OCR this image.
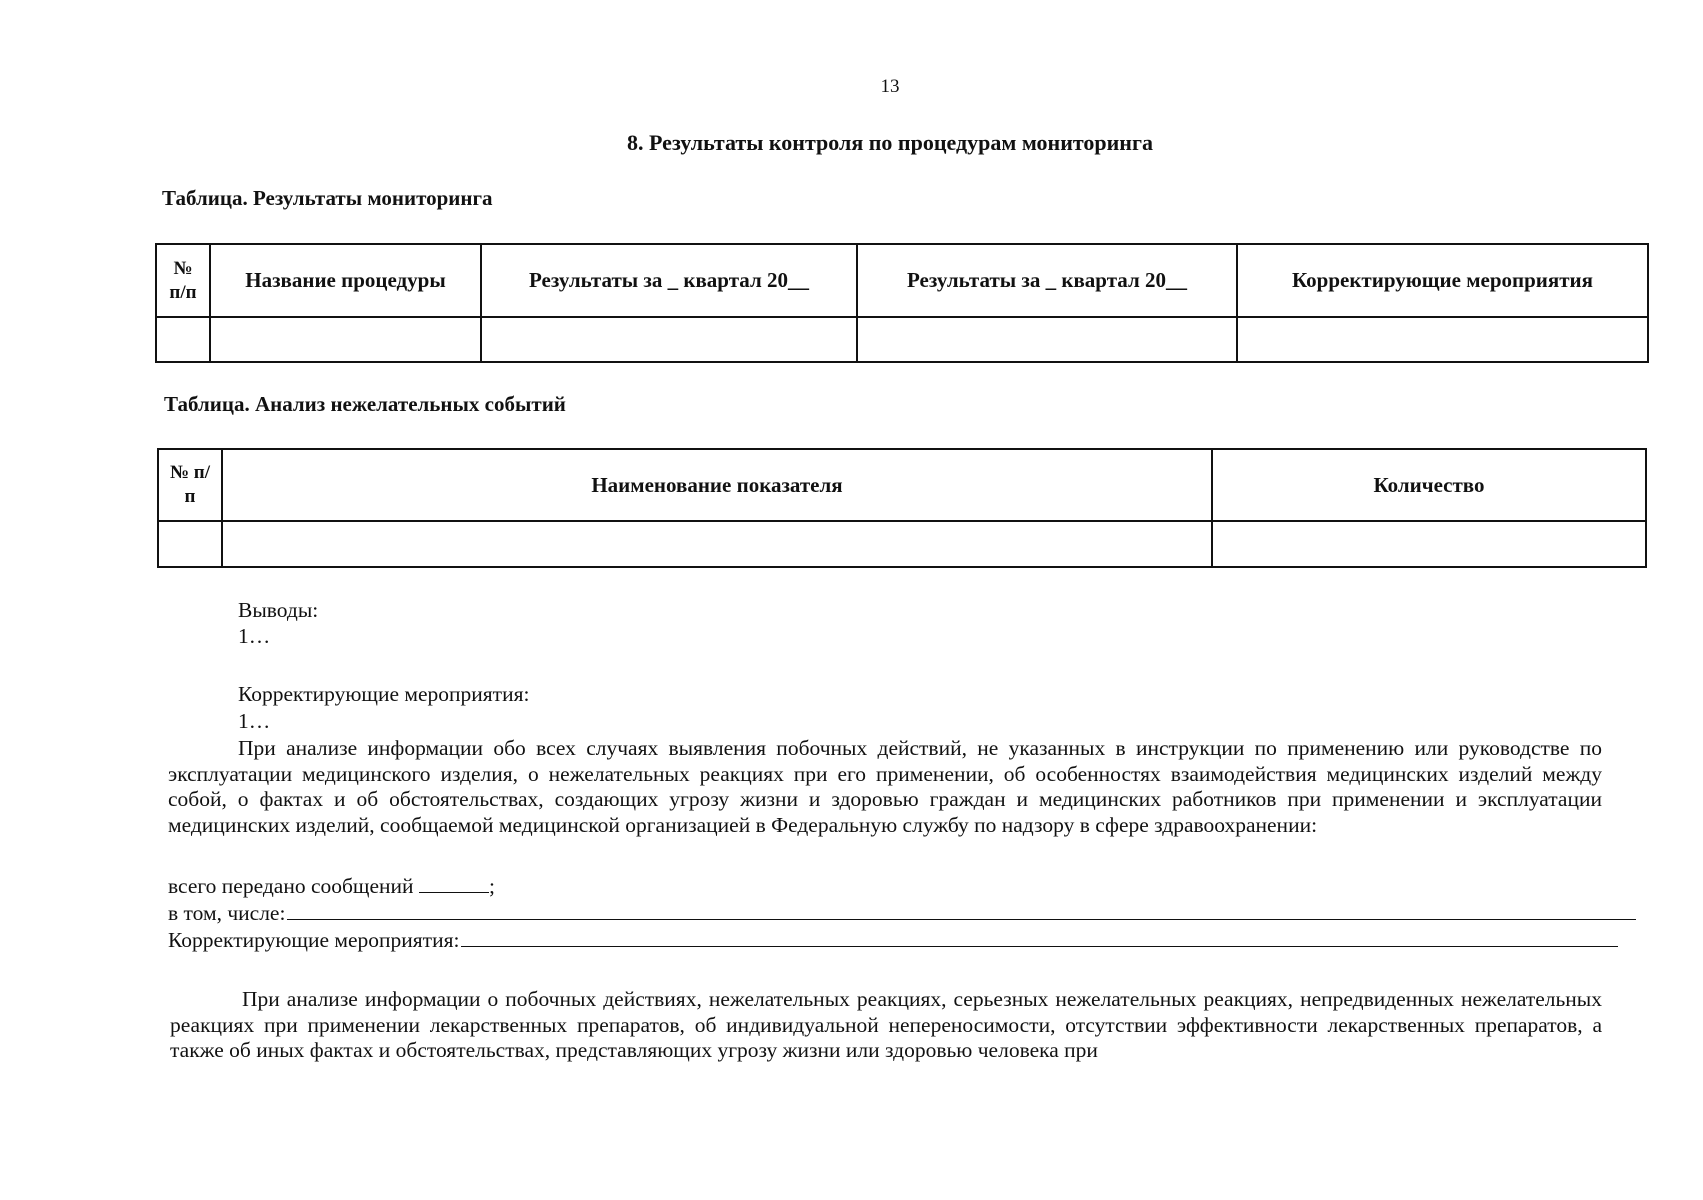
13
8. Результаты контроля по процедурам мониторинга
Таблица. Результаты мониторинга
№ п/п	Название процедуры	Результаты за _ квартал 20__	Результаты за _ квартал 20__	Корректирующие мероприятия

Таблица. Анализ нежелательных событий
№ п/п	Наименование показателя	Количество

Выводы:
1…
Корректирующие мероприятия:
1…
При анализе информации обо всех случаях выявления побочных действий, не указанных в инструкции по применению или руководстве по эксплуатации медицинского изделия, о нежелательных реакциях при его применении, об особенностях взаимодействия медицинских изделий между собой, о фактах и об обстоятельствах, создающих угрозу жизни и здоровью граждан и медицинских работников при применении и эксплуатации медицинских изделий, сообщаемой медицинской организацией в Федеральную службу по надзору в сфере здравоохранении:
всего передано сообщений	;
в том, числе:
Корректирующие мероприятия:
При анализе информации о побочных действиях, нежелательных реакциях, серьезных нежелательных реакциях, непредвиденных нежелательных реакциях при применении лекарственных препаратов, об индивидуальной непереносимости, отсутствии эффективности лекарственных препаратов, а также об иных фактах и обстоятельствах, представляющих угрозу жизни или здоровью человека при
